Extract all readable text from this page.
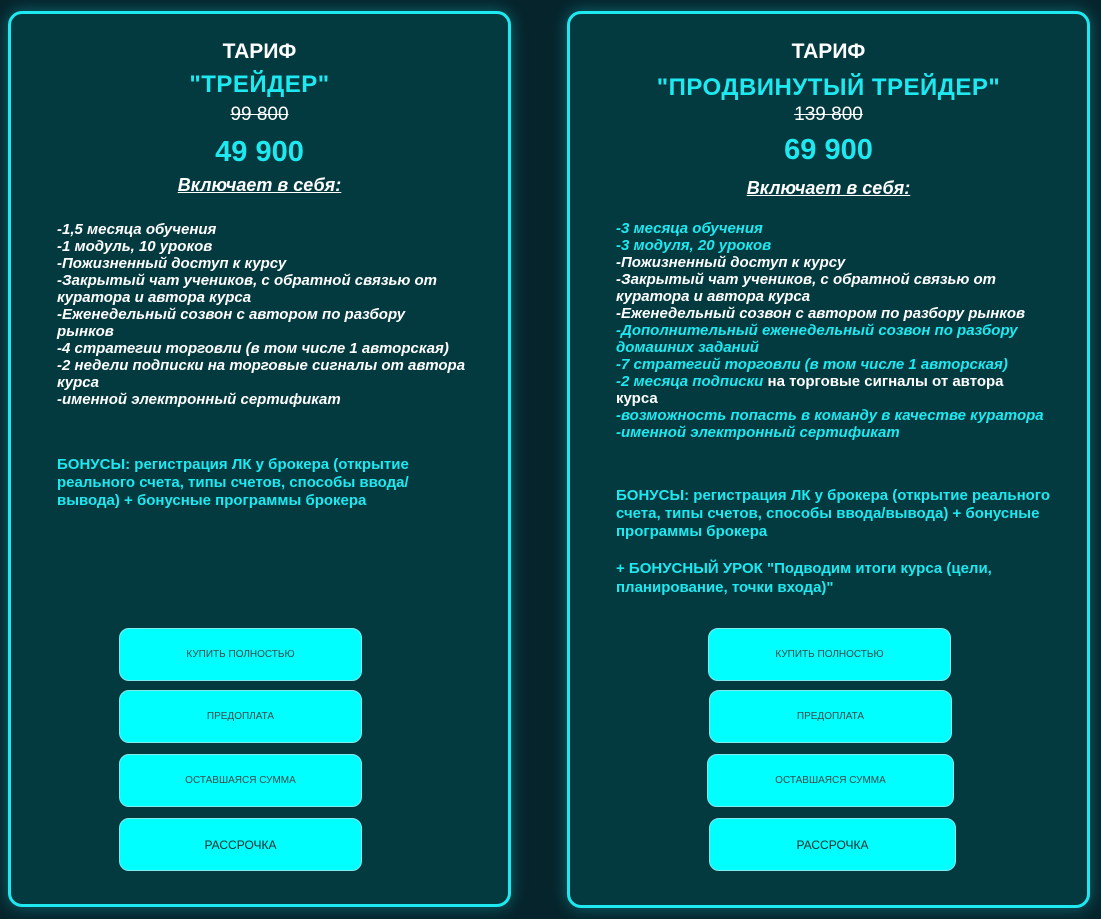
ТАРИФ
"ТРЕЙДЕР"
99 800
49 900
Включает в себя:
-1,5 месяца обучения
-1 модуль, 10 уроков
-Пожизненный доступ к курсу
-Закрытый чат учеников, с обратной связью от куратора и автора курса
-Еженедельный созвон с автором по разбору рынков
-4 стратегии торговли (в том числе 1 авторская)
-2 недели подписки на торговые сигналы от автора курса
-именной электронный сертификат

БОНУСЫ: регистрация ЛК у брокера (открытие реального счета, типы счетов, способы ввода/вывода) + бонусные программы брокера

КУПИТЬ ПОЛНОСТЬЮ
ПРЕДОПЛАТА
ОСТАВШАЯСЯ СУММА
РАССРОЧКА
ТАРИФ
"ПРОДВИНУТЫЙ ТРЕЙДЕР"
139 800
69 900
Включает в себя:
-3 месяца обучения
-3 модуля, 20 уроков
-Пожизненный доступ к курсу
-Закрытый чат учеников, с обратной связью от куратора и автора курса
-Еженедельный созвон с автором по разбору рынков
-Дополнительный еженедельный созвон по разбору домашних заданий
-7 стратегий торговли (в том числе 1 авторская)
-2 месяца подписки на торговые сигналы от автора курса
-возможность попасть в команду в качестве куратора
-именной электронный сертификат

БОНУСЫ: регистрация ЛК у брокера (открытие реального счета, типы счетов, способы ввода/вывода) + бонусные программы брокера

+ БОНУСНЫЙ УРОК "Подводим итоги курса (цели, планирование, точки входа)"

КУПИТЬ ПОЛНОСТЬЮ
ПРЕДОПЛАТА
ОСТАВШАЯСЯ СУММА
РАССРОЧКА
